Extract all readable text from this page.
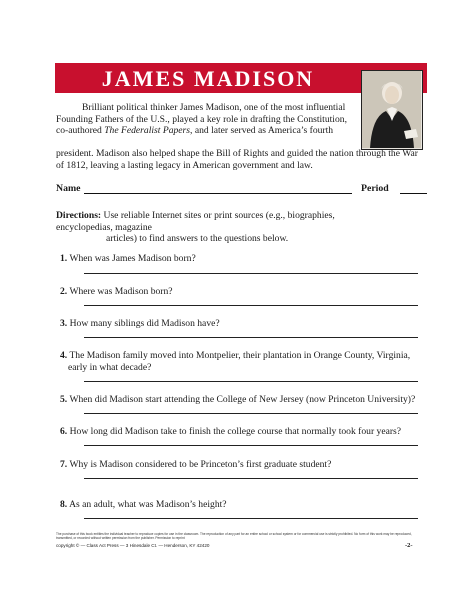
JAMES MADISON
Brilliant political thinker James Madison, one of the most influential Founding Fathers of the U.S., played a key role in drafting the Constitution, co-authored The Federalist Papers, and later served as America’s fourth
president. Madison also helped shape the Bill of Rights and guided the nation through the War of 1812, leaving a lasting legacy in American government and law.
Name	Period
Directions: Use reliable Internet sites or print sources (e.g., biographies, encyclopedias, magazine
articles) to find answers to the questions below.
1. When was James Madison born?
2. Where was Madison born?
3. How many siblings did Madison have?
4. The Madison family moved into Montpelier, their plantation in Orange County, Virginia,
early in what decade?
5. When did Madison start attending the College of New Jersey (now Princeton University)?
6. How long did Madison take to finish the college course that normally took four years?
7. Why is Madison considered to be Princeton’s first graduate student?
8. As an adult, what was Madison’s height?
The purchase of this book entitles the individual teacher to reproduce copies for use in the classroom. The reproduction of any part for an entire school or school system or for commercial use is strictly prohibited. No form of this work may be reproduced, transmitted, or recorded without written permission from the publisher. Permission to reprint
copyright © — Class Act Press — 3 Hinesdale Ct. — Henderson, KY 42420	-2-
